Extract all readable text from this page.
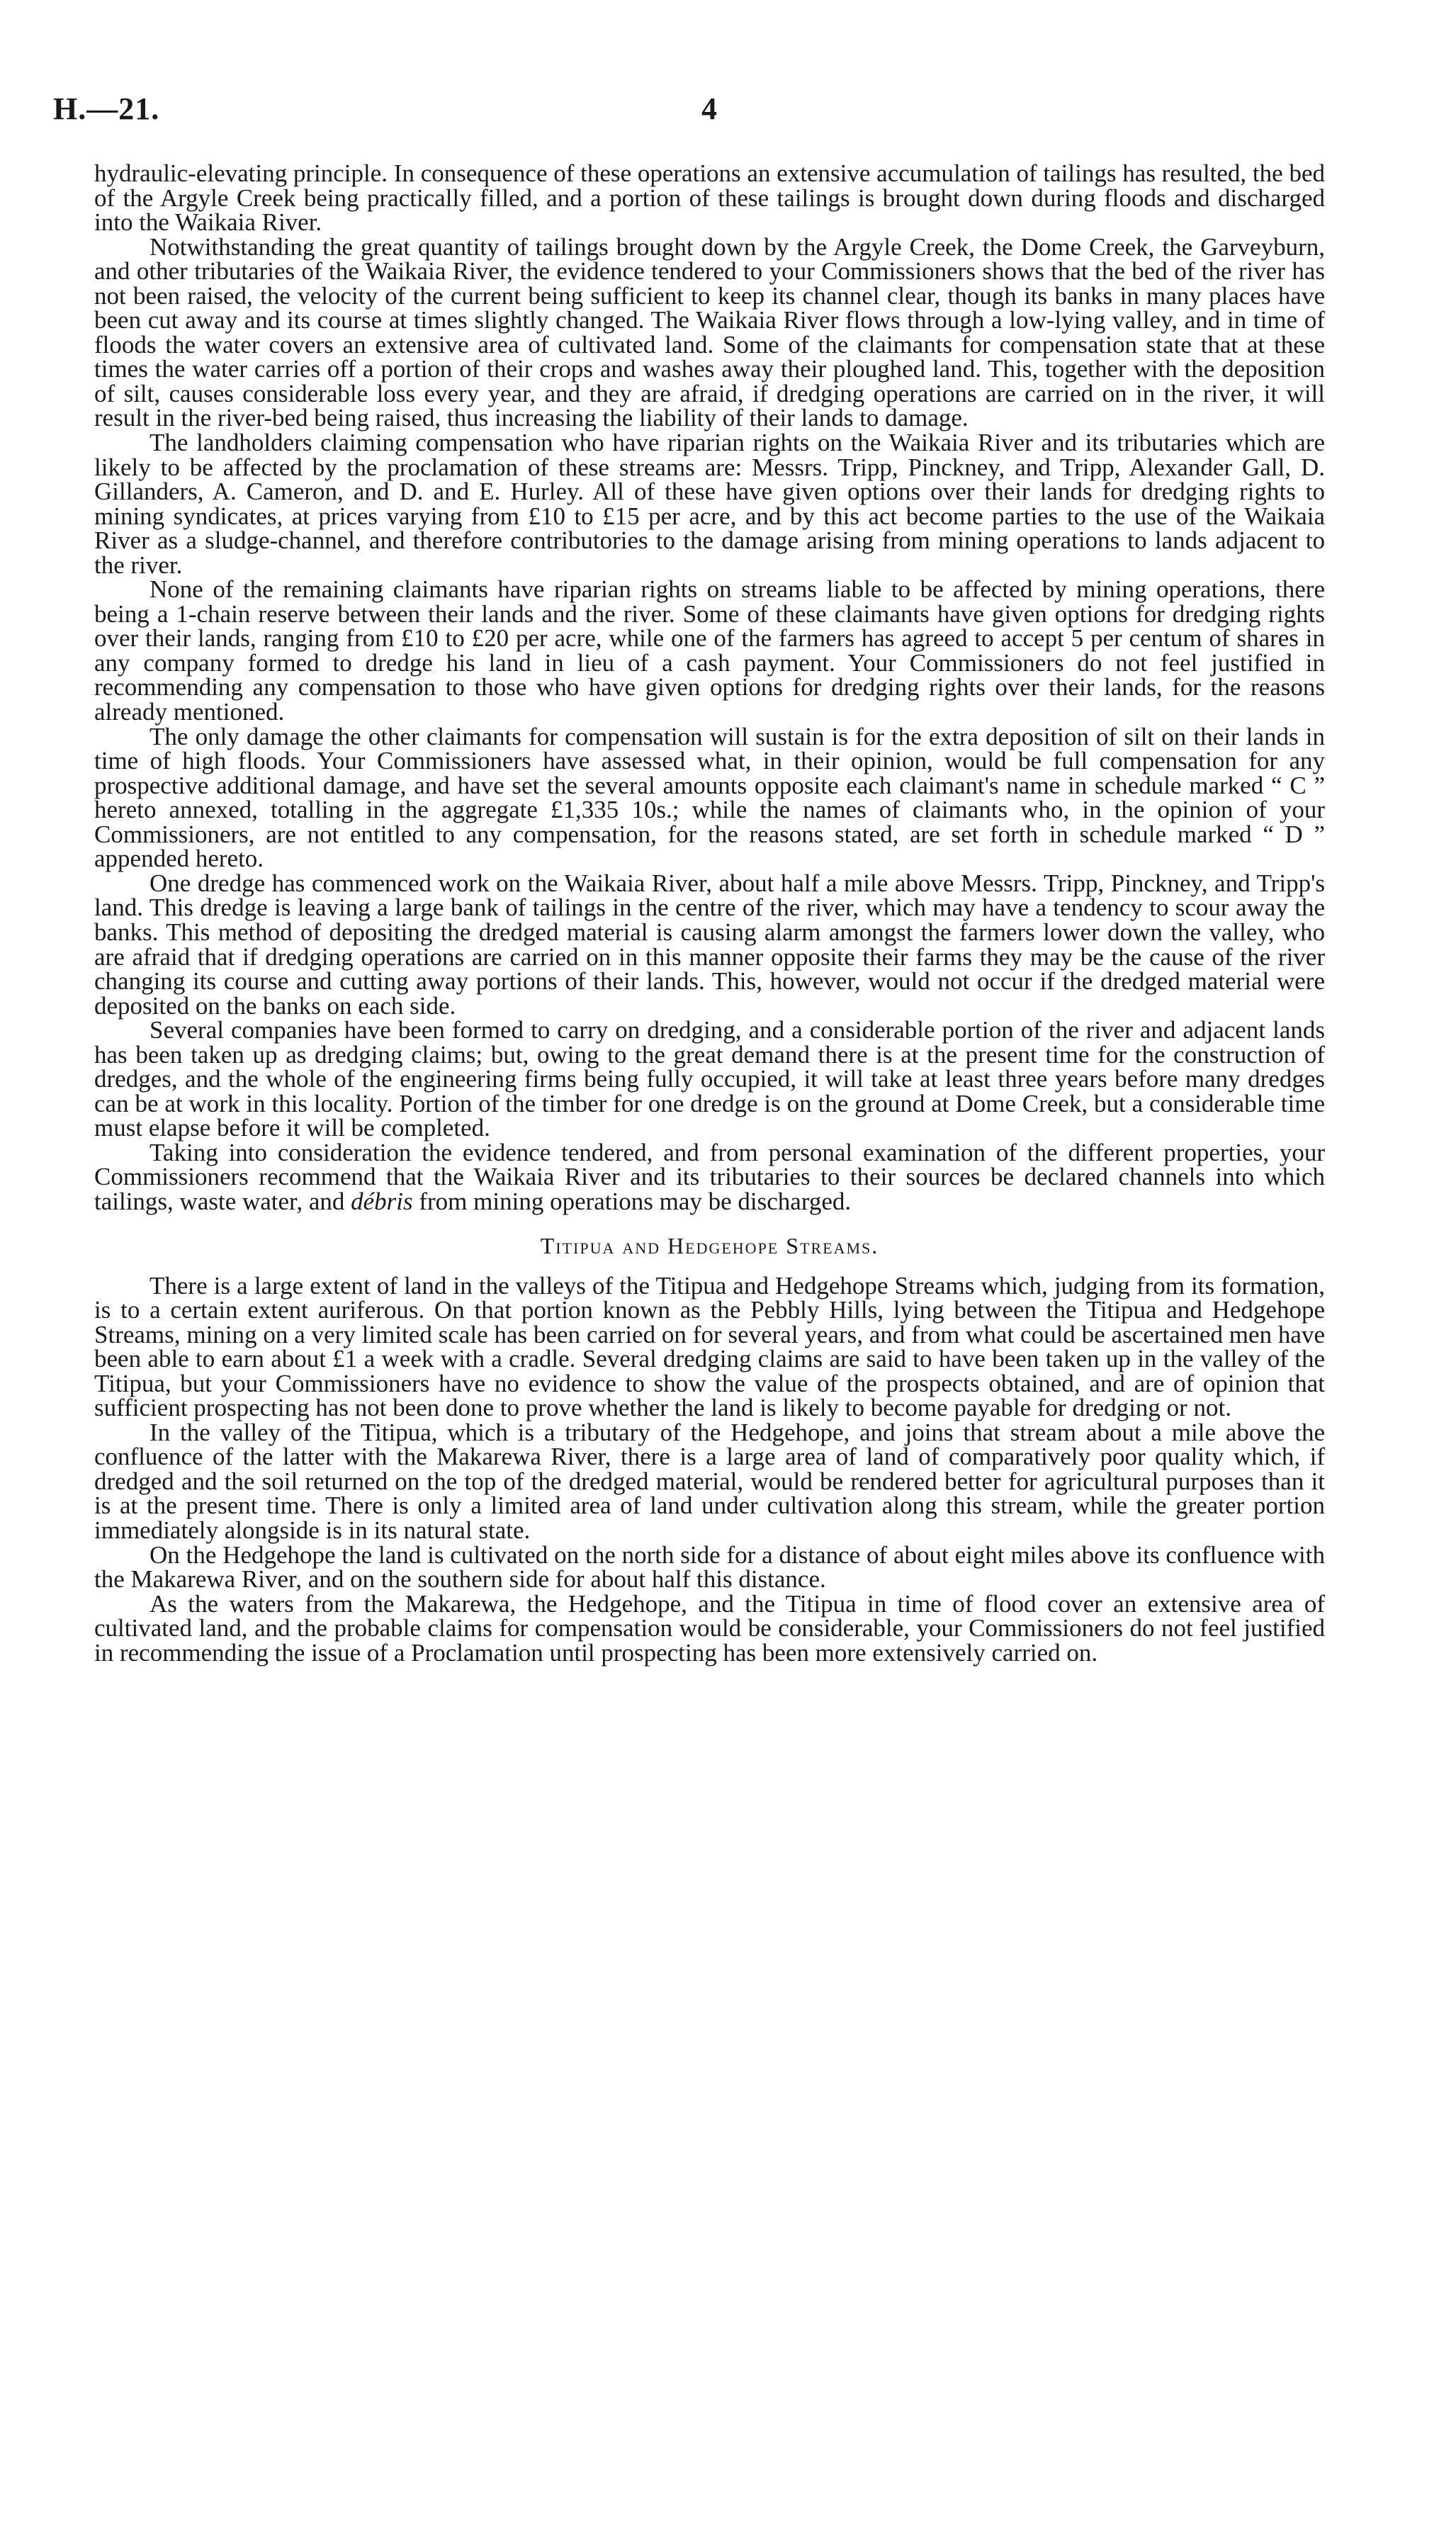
H.—21.	4

hydraulic-elevating principle. In consequence of these operations an extensive accumulation of tailings has resulted, the bed of the Argyle Creek being practically filled, and a portion of these tailings is brought down during floods and discharged into the Waikaia River.

Notwithstanding the great quantity of tailings brought down by the Argyle Creek, the Dome Creek, the Garveyburn, and other tributaries of the Waikaia River, the evidence tendered to your Commissioners shows that the bed of the river has not been raised, the velocity of the current being sufficient to keep its channel clear, though its banks in many places have been cut away and its course at times slightly changed. The Waikaia River flows through a low-lying valley, and in time of floods the water covers an extensive area of cultivated land. Some of the claimants for compensation state that at these times the water carries off a portion of their crops and washes away their ploughed land. This, together with the deposition of silt, causes considerable loss every year, and they are afraid, if dredging operations are carried on in the river, it will result in the river-bed being raised, thus increasing the liability of their lands to damage.

The landholders claiming compensation who have riparian rights on the Waikaia River and its tributaries which are likely to be affected by the proclamation of these streams are: Messrs. Tripp, Pinckney, and Tripp, Alexander Gall, D. Gillanders, A. Cameron, and D. and E. Hurley. All of these have given options over their lands for dredging rights to mining syndicates, at prices varying from £10 to £15 per acre, and by this act become parties to the use of the Waikaia River as a sludge-channel, and therefore contributories to the damage arising from mining operations to lands adjacent to the river.

None of the remaining claimants have riparian rights on streams liable to be affected by mining operations, there being a 1-chain reserve between their lands and the river. Some of these claimants have given options for dredging rights over their lands, ranging from £10 to £20 per acre, while one of the farmers has agreed to accept 5 per centum of shares in any company formed to dredge his land in lieu of a cash payment. Your Commissioners do not feel justified in recommending any compensation to those who have given options for dredging rights over their lands, for the reasons already mentioned.

The only damage the other claimants for compensation will sustain is for the extra deposition of silt on their lands in time of high floods. Your Commissioners have assessed what, in their opinion, would be full compensation for any prospective additional damage, and have set the several amounts opposite each claimant's name in schedule marked “ C ” hereto annexed, totalling in the aggregate £1,335 10s.; while the names of claimants who, in the opinion of your Commissioners, are not entitled to any compensation, for the reasons stated, are set forth in schedule marked “ D ” appended hereto.

One dredge has commenced work on the Waikaia River, about half a mile above Messrs. Tripp, Pinckney, and Tripp's land. This dredge is leaving a large bank of tailings in the centre of the river, which may have a tendency to scour away the banks. This method of depositing the dredged material is causing alarm amongst the farmers lower down the valley, who are afraid that if dredging operations are carried on in this manner opposite their farms they may be the cause of the river changing its course and cutting away portions of their lands. This, however, would not occur if the dredged material were deposited on the banks on each side.

Several companies have been formed to carry on dredging, and a considerable portion of the river and adjacent lands has been taken up as dredging claims; but, owing to the great demand there is at the present time for the construction of dredges, and the whole of the engineering firms being fully occupied, it will take at least three years before many dredges can be at work in this locality. Portion of the timber for one dredge is on the ground at Dome Creek, but a considerable time must elapse before it will be completed.

Taking into consideration the evidence tendered, and from personal examination of the different properties, your Commissioners recommend that the Waikaia River and its tributaries to their sources be declared channels into which tailings, waste water, and débris from mining operations may be discharged.

Titipua and Hedgehope Streams.

There is a large extent of land in the valleys of the Titipua and Hedgehope Streams which, judging from its formation, is to a certain extent auriferous. On that portion known as the Pebbly Hills, lying between the Titipua and Hedgehope Streams, mining on a very limited scale has been carried on for several years, and from what could be ascertained men have been able to earn about £1 a week with a cradle. Several dredging claims are said to have been taken up in the valley of the Titipua, but your Commissioners have no evidence to show the value of the prospects obtained, and are of opinion that sufficient prospecting has not been done to prove whether the land is likely to become payable for dredging or not.

In the valley of the Titipua, which is a tributary of the Hedgehope, and joins that stream about a mile above the confluence of the latter with the Makarewa River, there is a large area of land of comparatively poor quality which, if dredged and the soil returned on the top of the dredged material, would be rendered better for agricultural purposes than it is at the present time. There is only a limited area of land under cultivation along this stream, while the greater portion immediately alongside is in its natural state.

On the Hedgehope the land is cultivated on the north side for a distance of about eight miles above its confluence with the Makarewa River, and on the southern side for about half this distance.

As the waters from the Makarewa, the Hedgehope, and the Titipua in time of flood cover an extensive area of cultivated land, and the probable claims for compensation would be considerable, your Commissioners do not feel justified in recommending the issue of a Proclamation until prospecting has been more extensively carried on.
